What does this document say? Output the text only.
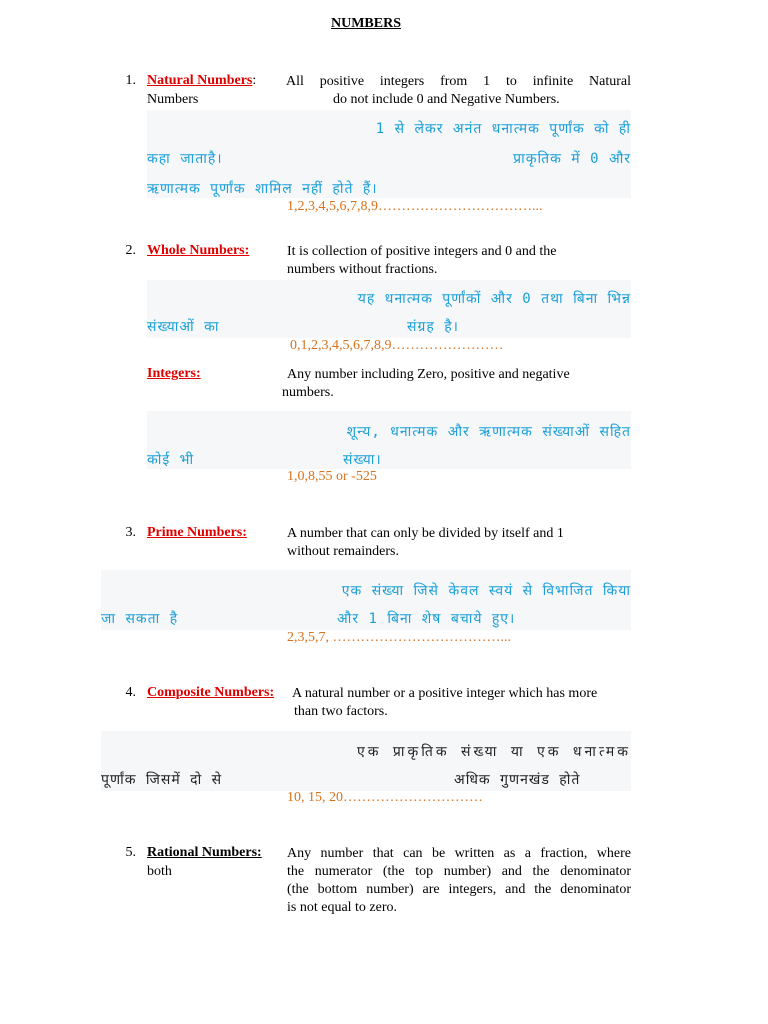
NUMBERS
1. Natural Numbers: All positive integers from 1 to infinite Natural
Numbers	do not include 0 and Negative Numbers.
1 से लेकर अनंत धनात्मक पूर्णांक को ही
कहा जाताहै।	प्राकृतिक में 0 और
ऋणात्मक पूर्णांक शामिल नहीं होते हैं।
1,2,3,4,5,6,7,8,9……………………………...
2. Whole Numbers:	It is collection of positive integers and 0 and the
numbers without fractions.
यह धनात्मक पूर्णांकों और 0 तथा बिना भिन्न
संख्याओं का	संग्रह है।
0,1,2,3,4,5,6,7,8,9……………………
Integers:	Any number including Zero, positive and negative
numbers.
शून्य, धनात्मक और ऋणात्मक संख्याओं सहित
कोई भी	संख्या।
1,0,8,55 or -525
3. Prime Numbers:	A number that can only be divided by itself and 1
without remainders.
एक संख्या जिसे केवल स्वयं से विभाजित किया
जा सकता है	और 1 बिना शेष बचाये हुए।
2,3,5,7, ………………………………...
4. Composite Numbers: A natural number or a positive integer which has more
than two factors.
एक प्राकृतिक संख्या या एक धनात्मक
पूर्णांक जिसमें दो से	अधिक गुणनखंड होते
10, 15, 20…………………………
5. Rational Numbers:
both
Any number that can be written as a fraction, where
the numerator (the top number) and the denominator
(the bottom number) are integers, and the denominator
is not equal to zero.
